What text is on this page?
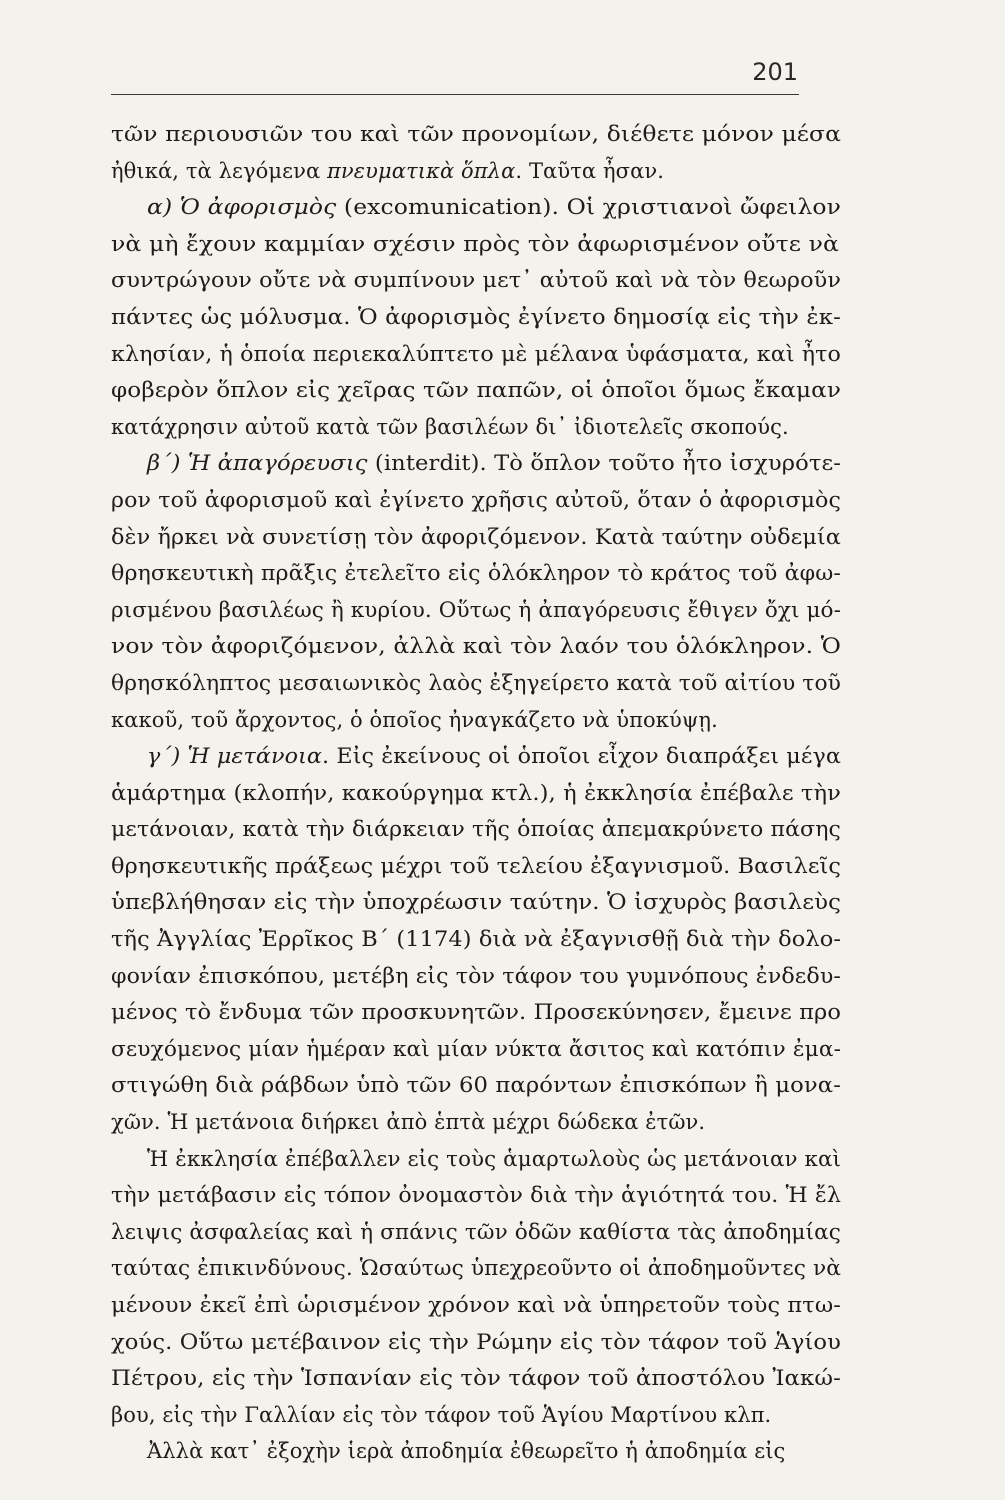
201
τῶν περιουσιῶν του καὶ τῶν προνομίων, διέθετε μόνον μέσα
ἠθικά, τὰ λεγόμενα πνευματικὰ ὅπλα. Ταῦτα ἦσαν.
α) Ὁ ἀφορισμὸς (excomunication). Οἱ χριστιανοὶ ὤφειλον
νὰ μὴ ἔχουν καμμίαν σχέσιν πρὸς τὸν ἀφωρισμένον οὔτε νὰ
συντρώγουν οὔτε νὰ συμπίνουν μετ᾿ αὐτοῦ καὶ νὰ τὸν θεωροῦν
πάντες ὡς μόλυσμα. Ὁ ἀφορισμὸς ἐγίνετο δημοσίᾳ εἰς τὴν ἐκ-
κλησίαν, ἡ ὁποία περιεκαλύπτετο μὲ μέλανα ὑφάσματα, καὶ ἦτο
φοβερὸν ὅπλον εἰς χεῖρας τῶν παπῶν, οἱ ὁποῖοι ὅμως ἔκαμαν
κατάχρησιν αὐτοῦ κατὰ τῶν βασιλέων δι᾿ ἰδιοτελεῖς σκοπούς.
β΄) Ἡ ἀπαγόρευσις (interdit). Τὸ ὅπλον τοῦτο ἦτο ἰσχυρότε-
ρον τοῦ ἀφορισμοῦ καὶ ἐγίνετο χρῆσις αὐτοῦ, ὅταν ὁ ἀφορισμὸς
δὲν ἤρκει νὰ συνετίσῃ τὸν ἀφοριζόμενον. Κατὰ ταύτην οὐδεμία
θρησκευτικὴ πρᾶξις ἐτελεῖτο εἰς ὁλόκληρον τὸ κράτος τοῦ ἀφω-
ρισμένου βασιλέως ἢ κυρίου. Οὕτως ἡ ἀπαγόρευσις ἔθιγεν ὄχι μό-
νον τὸν ἀφοριζόμενον, ἀλλὰ καὶ τὸν λαόν του ὁλόκληρον. Ὁ
θρησκόληπτος μεσαιωνικὸς λαὸς ἐξηγείρετο κατὰ τοῦ αἰτίου τοῦ
κακοῦ, τοῦ ἄρχοντος, ὁ ὁποῖος ἠναγκάζετο νὰ ὑποκύψῃ.
γ΄) Ἡ μετάνοια. Εἰς ἐκείνους οἱ ὁποῖοι εἶχον διαπράξει μέγα
ἁμάρτημα (κλοπήν, κακούργημα κτλ.), ἡ ἐκκλησία ἐπέβαλε τὴν
μετάνοιαν, κατὰ τὴν διάρκειαν τῆς ὁποίας ἀπεμακρύνετο πάσης
θρησκευτικῆς πράξεως μέχρι τοῦ τελείου ἐξαγνισμοῦ. Βασιλεῖς
ὑπεβλήθησαν εἰς τὴν ὑποχρέωσιν ταύτην. Ὁ ἰσχυρὸς βασιλεὺς
τῆς Ἀγγλίας Ἐρρῖκος Β΄ (1174) διὰ νὰ ἐξαγνισθῇ διὰ τὴν δολο-
φονίαν ἐπισκόπου, μετέβη εἰς τὸν τάφον του γυμνόπους ἐνδεδυ-
μένος τὸ ἔνδυμα τῶν προσκυνητῶν. Προσεκύνησεν, ἔμεινε προ
σευχόμενος μίαν ἡμέραν καὶ μίαν νύκτα ἄσιτος καὶ κατόπιν ἐμα-
στιγώθη διὰ ράβδων ὑπὸ τῶν 60 παρόντων ἐπισκόπων ἢ μονα-
χῶν. Ἡ μετάνοια διήρκει ἀπὸ ἑπτὰ μέχρι δώδεκα ἐτῶν.
Ἡ ἐκκλησία ἐπέβαλλεν εἰς τοὺς ἁμαρτωλοὺς ὡς μετάνοιαν καὶ
τὴν μετάβασιν εἰς τόπον ὀνομαστὸν διὰ τὴν ἁγιότητά του. Ἡ ἔλ
λειψις ἀσφαλείας καὶ ἡ σπάνις τῶν ὁδῶν καθίστα τὰς ἀποδημίας
ταύτας ἐπικινδύνους. Ὡσαύτως ὑπεχρεοῦντο οἱ ἀποδημοῦντες νὰ
μένουν ἐκεῖ ἐπὶ ὡρισμένον χρόνον καὶ νὰ ὑπηρετοῦν τοὺς πτω-
χούς. Οὕτω μετέβαινον εἰς τὴν Ρώμην εἰς τὸν τάφον τοῦ Ἁγίου
Πέτρου, εἰς τὴν Ἱσπανίαν εἰς τὸν τάφον τοῦ ἀποστόλου Ἰακώ-
βου, εἰς τὴν Γαλλίαν εἰς τὸν τάφον τοῦ Ἁγίου Μαρτίνου κλπ.
Ἀλλὰ κατ᾿ ἐξοχὴν ἱερὰ ἀποδημία ἐθεωρεῖτο ἡ ἀποδημία εἰς
